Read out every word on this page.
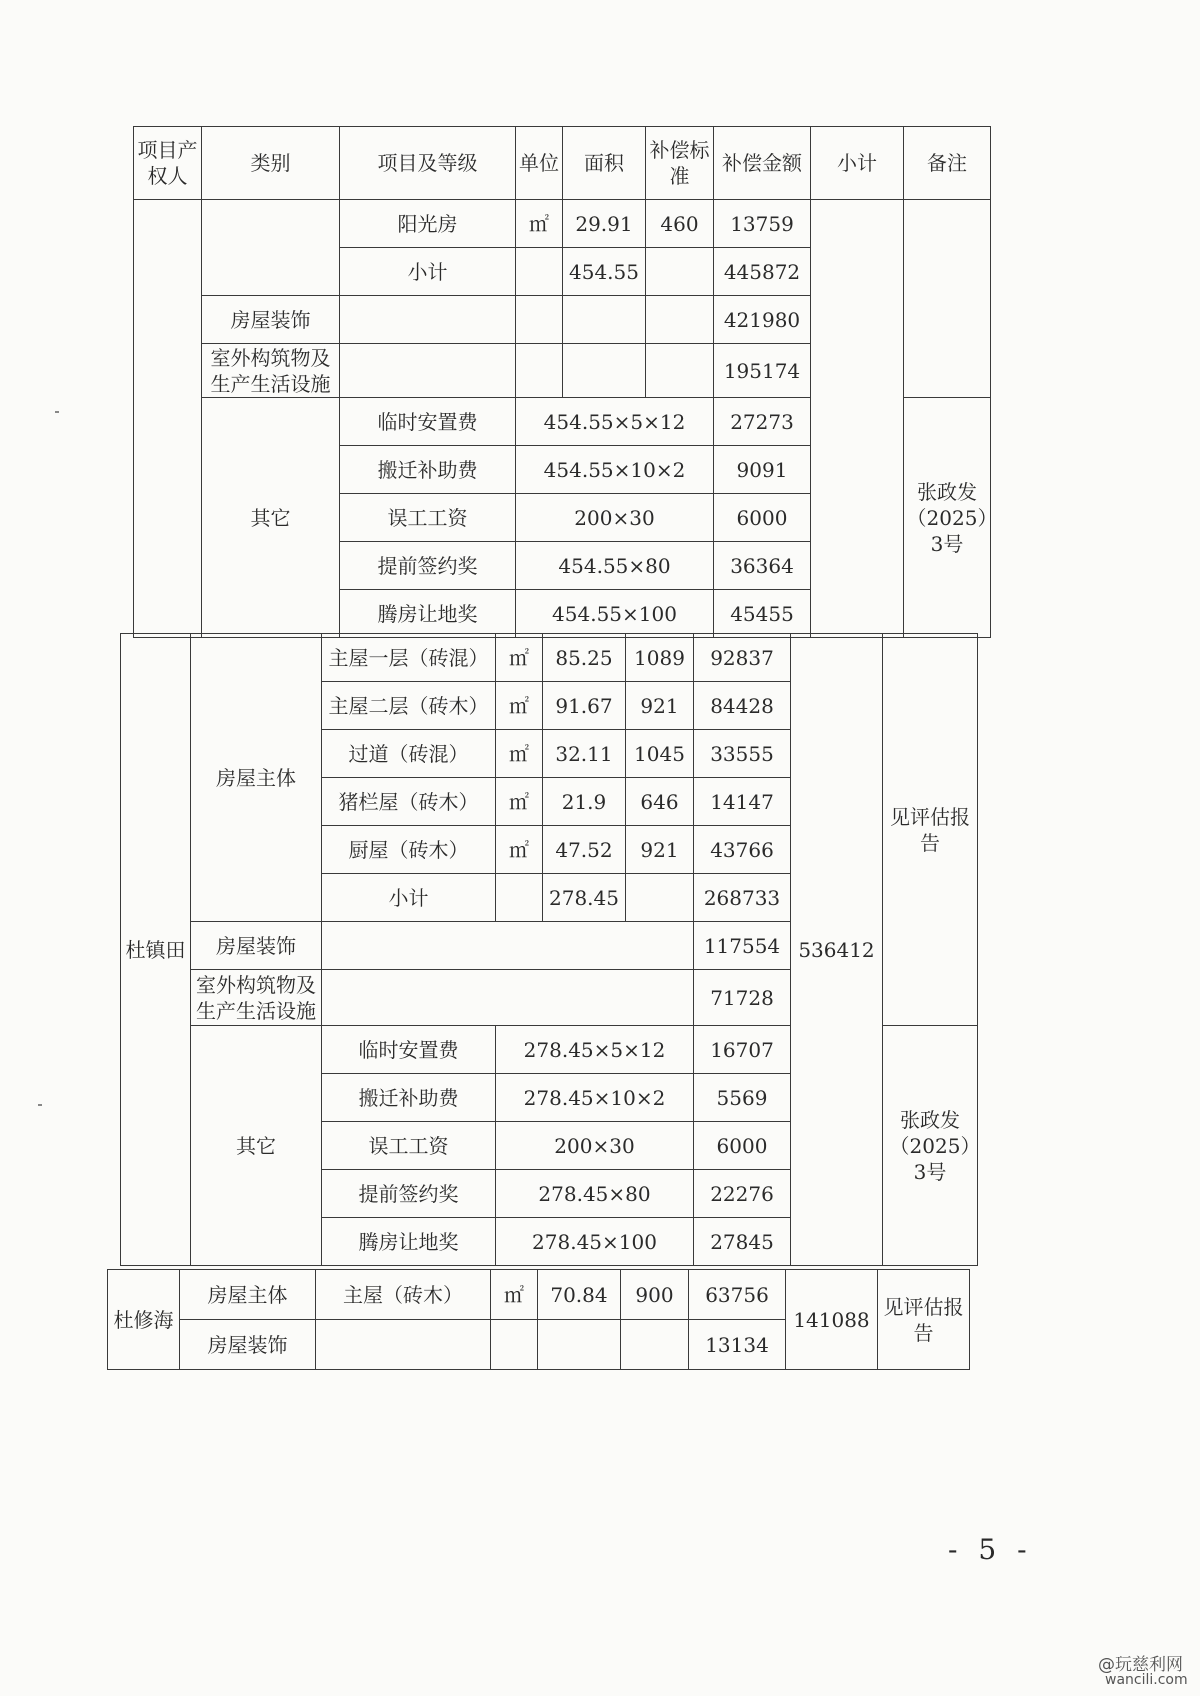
项目产权人	类别	项目及等级	单位	面积	补偿标准	补偿金额	小计	备注
		阳光房	㎡	29.91	460	13759		
		小计		454.55		445872		
	房屋装饰					421980		
	室外构筑物及生产生活设施					195174		
	其它	临时安置费	454.55×5×12			27273		张政发（2025）3号
		搬迁补助费	454.55×10×2			9091		
		误工工资	200×30			6000		
		提前签约奖	454.55×80			36364		
		腾房让地奖	454.55×100			45455		
杜镇田	房屋主体	主屋一层（砖混）	㎡	85.25	1089	92837	536412	见评估报告
		主屋二层（砖木）	㎡	91.67	921	84428		
		过道（砖混）	㎡	32.11	1045	33555		
		猪栏屋（砖木）	㎡	21.9	646	14147		
		厨屋（砖木）	㎡	47.52	921	43766		
		小计		278.45		268733		
	房屋装饰					117554		
	室外构筑物及生产生活设施					71728		
	其它	临时安置费	278.45×5×12			16707		张政发（2025）3号
		搬迁补助费	278.45×10×2			5569		
		误工工资	200×30			6000		
		提前签约奖	278.45×80			22276		
		腾房让地奖	278.45×100			27845		
杜修海	房屋主体	主屋（砖木）	㎡	70.84	900	63756	141088	见评估报告
	房屋装饰					13134		
- 5 -
@玩慈利网
wancili.com
